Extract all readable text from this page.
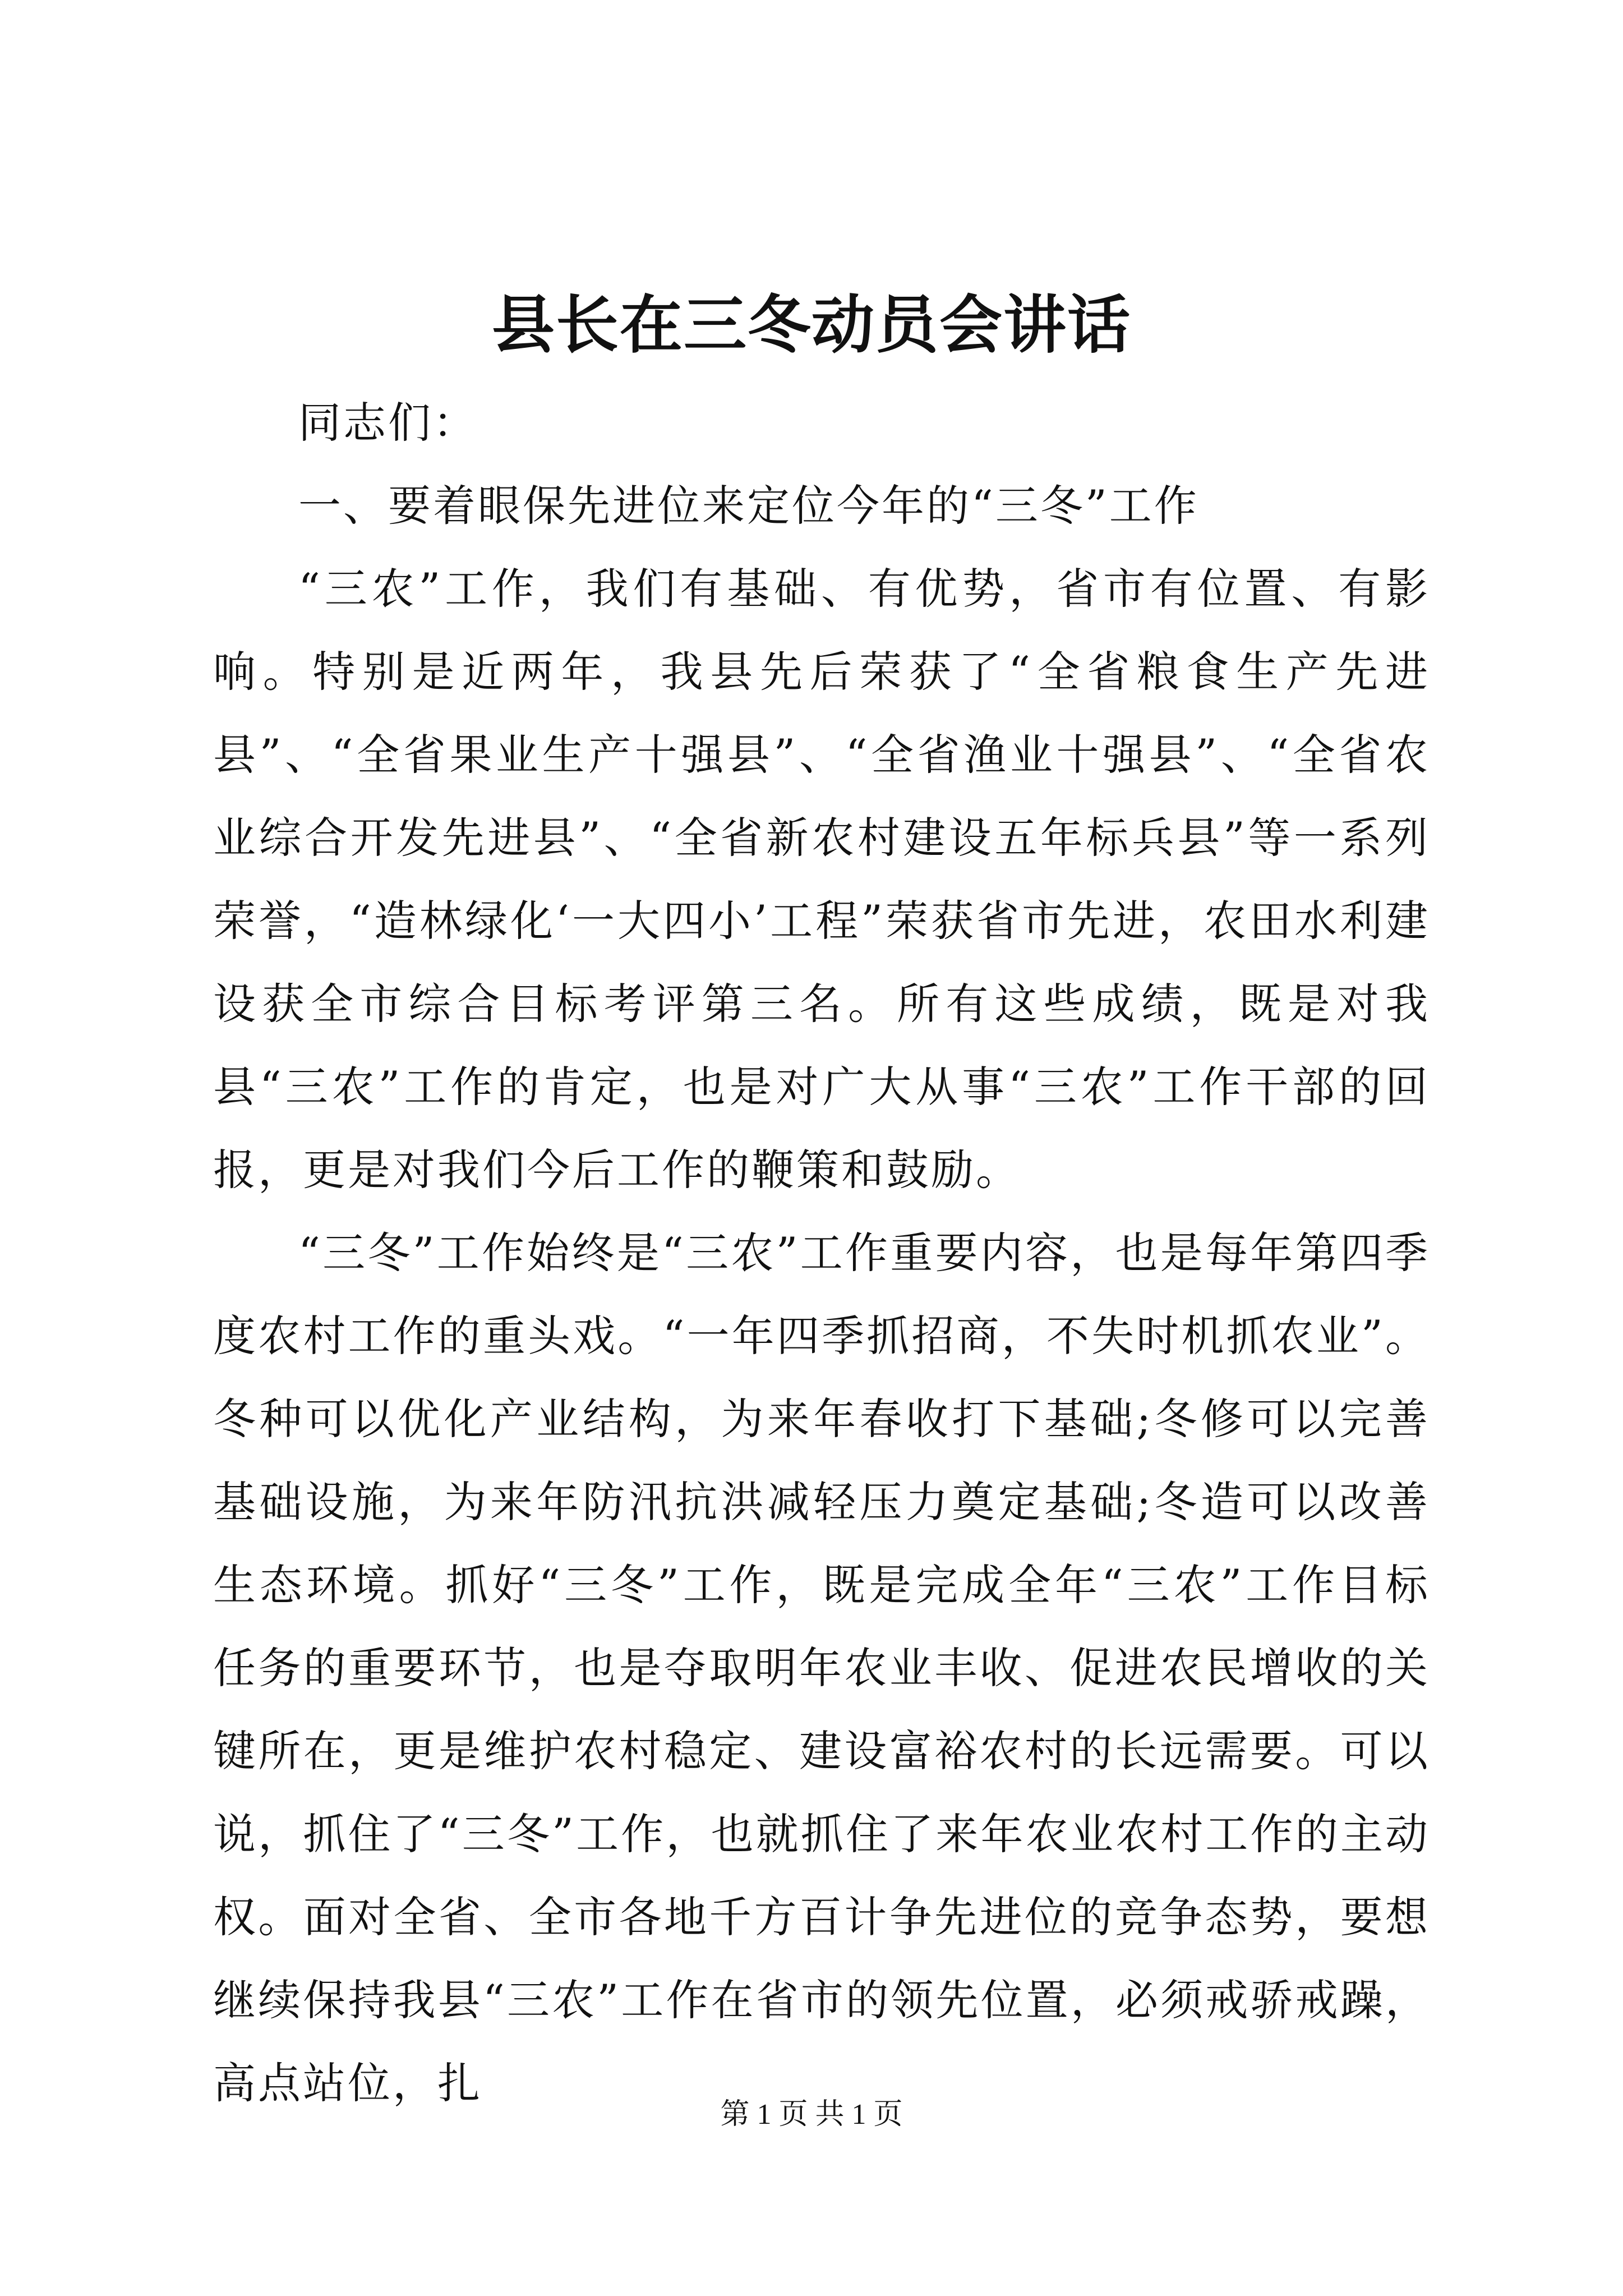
县长在三冬动员会讲话

同志们：

一、要着眼保先进位来定位今年的“三冬”工作

“三农”工作，我们有基础、有优势，省市有位置、有影响。特别是近两年，我县先后荣获了“全省粮食生产先进县”、“全省果业生产十强县”、“全省渔业十强县”、“全省农业综合开发先进县”、“全省新农村建设五年标兵县”等一系列荣誉，“造林绿化‘一大四小’工程”荣获省市先进，农田水利建设获全市综合目标考评第三名。所有这些成绩，既是对我县“三农”工作的肯定，也是对广大从事“三农”工作干部的回报，更是对我们今后工作的鞭策和鼓励。

“三冬”工作始终是“三农”工作重要内容，也是每年第四季度农村工作的重头戏。“一年四季抓招商，不失时机抓农业”。冬种可以优化产业结构，为来年春收打下基础;冬修可以完善基础设施，为来年防汛抗洪减轻压力奠定基础;冬造可以改善生态环境。抓好“三冬”工作，既是完成全年“三农”工作目标任务的重要环节，也是夺取明年农业丰收、促进农民增收的关键所在，更是维护农村稳定、建设富裕农村的长远需要。可以说，抓住了“三冬”工作，也就抓住了来年农业农村工作的主动权。面对全省、全市各地千方百计争先进位的竞争态势，要想继续保持我县“三农”工作在省市的领先位置，必须戒骄戒躁，高点站位，扎

第 1 页 共 1 页
